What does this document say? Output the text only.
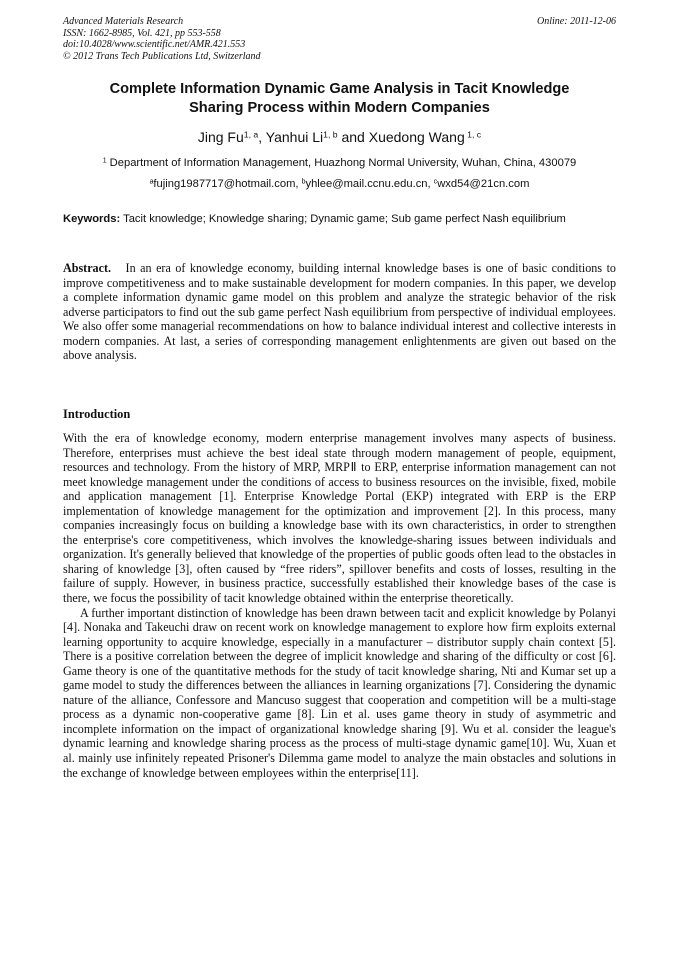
Advanced Materials Research
ISSN: 1662-8985, Vol. 421, pp 553-558
doi:10.4028/www.scientific.net/AMR.421.553
© 2012 Trans Tech Publications Ltd, Switzerland
Online: 2011-12-06
Complete Information Dynamic Game Analysis in Tacit Knowledge
Sharing Process within Modern Companies
Jing Fu$^{1, a}$, Yanhui Li$^{1, b}$ and Xuedong Wang $^{1, c}$
$^1$ Department of Information Management, Huazhong Normal University, Wuhan, China, 430079
$^a$fujing1987717@hotmail.com, $^b$yhlee@mail.ccnu.edu.cn, $^c$wxd54@21cn.com
Keywords: Tacit knowledge; Knowledge sharing; Dynamic game; Sub game perfect Nash equilibrium
Abstract. In an era of knowledge economy, building internal knowledge bases is one of basic conditions to improve competitiveness and to make sustainable development for modern companies. In this paper, we develop a complete information dynamic game model on this problem and analyze the strategic behavior of the risk adverse participators to find out the sub game perfect Nash equilibrium from perspective of individual employees. We also offer some managerial recommendations on how to balance individual interest and collective interests in modern companies. At last, a series of corresponding management enlightenments are given out based on the above analysis.
Introduction

With the era of knowledge economy, modern enterprise management involves many aspects of business. Therefore, enterprises must achieve the best ideal state through modern management of people, equipment, resources and technology. From the history of MRP, MRPⅡ to ERP, enterprise information management can not meet knowledge management under the conditions of access to business resources on the invisible, fixed, mobile and application management [1]. Enterprise Knowledge Portal (EKP) integrated with ERP is the ERP implementation of knowledge management for the optimization and improvement [2]. In this process, many companies increasingly focus on building a knowledge base with its own characteristics, in order to strengthen the enterprise's core competitiveness, which involves the knowledge-sharing issues between individuals and organization. It's generally believed that knowledge of the properties of public goods often lead to the obstacles in sharing of knowledge [3], often caused by “free riders”, spillover benefits and costs of losses, resulting in the failure of supply. However, in business practice, successfully established their knowledge bases of the case is there, we focus the possibility of tacit knowledge obtained within the enterprise theoretically.

A further important distinction of knowledge has been drawn between tacit and explicit knowledge by Polanyi [4]. Nonaka and Takeuchi draw on recent work on knowledge management to explore how firm exploits external learning opportunity to acquire knowledge, especially in a manufacturer – distributor supply chain context [5]. There is a positive correlation between the degree of implicit knowledge and sharing of the difficulty or cost [6]. Game theory is one of the quantitative methods for the study of tacit knowledge sharing, Nti and Kumar set up a game model to study the differences between the alliances in learning organizations [7]. Considering the dynamic nature of the alliance, Confessore and Mancuso suggest that cooperation and competition will be a multi-stage process as a dynamic non-cooperative game [8]. Lin et al. uses game theory in study of asymmetric and incomplete information on the impact of organizational knowledge sharing [9]. Wu et al. consider the league's dynamic learning and knowledge sharing process as the process of multi-stage dynamic game[10]. Wu, Xuan et al. mainly use infinitely repeated Prisoner's Dilemma game model to analyze the main obstacles and solutions in the exchange of knowledge between employees within the enterprise[11].
